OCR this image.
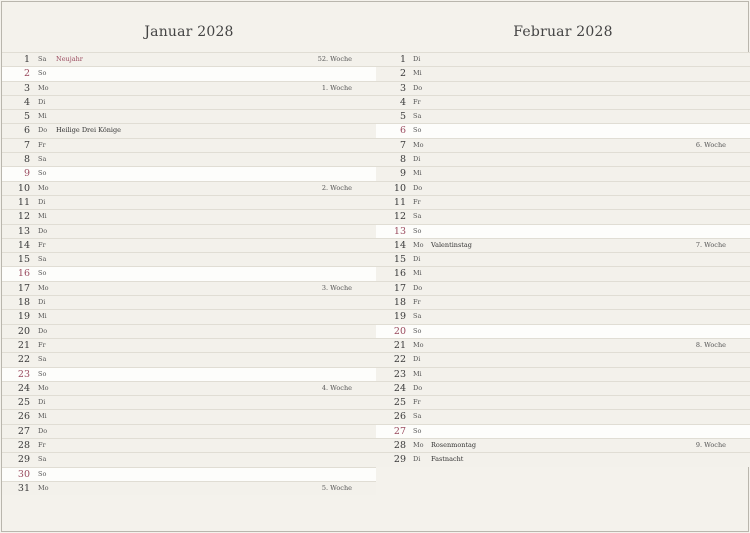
Januar 2028
1 Sa Neujahr	52. Woche
2 So
3 Mo	1. Woche
4 Di
5 Mi
6 Do Heilige Drei Könige
7 Fr
8 Sa
9 So
10 Mo	2. Woche
11 Di
12 Mi
13 Do
14 Fr
15 Sa
16 So
17 Mo	3. Woche
18 Di
19 Mi
20 Do
21 Fr
22 Sa
23 So
24 Mo	4. Woche
25 Di
26 Mi
27 Do
28 Fr
29 Sa
30 So
31 Mo	5. Woche
Februar 2028
1 Di
2 Mi
3 Do
4 Fr
5 Sa
6 So
7 Mo	6. Woche
8 Di
9 Mi
10 Do
11 Fr
12 Sa
13 So
14 Mo Valentinstag	7. Woche
15 Di
16 Mi
17 Do
18 Fr
19 Sa
20 So
21 Mo	8. Woche
22 Di
23 Mi
24 Do
25 Fr
26 Sa
27 So
28 Mo Rosenmontag	9. Woche
29 Di Fastnacht
